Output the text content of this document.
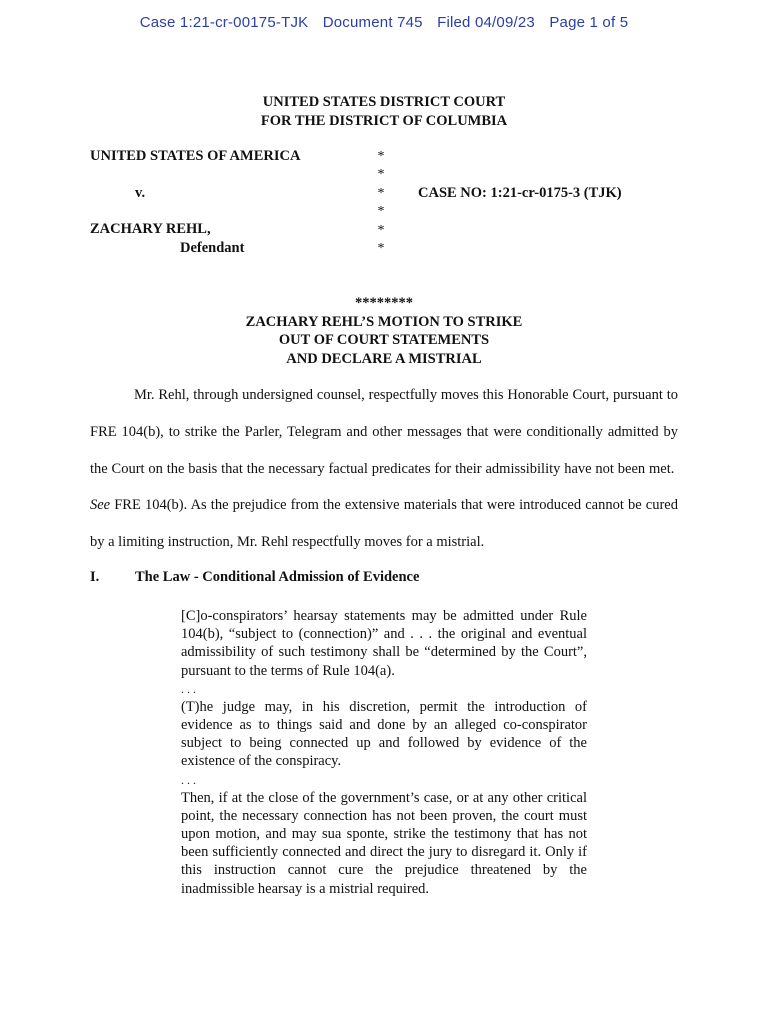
Case 1:21-cr-00175-TJK Document 745 Filed 04/09/23 Page 1 of 5
UNITED STATES DISTRICT COURT
FOR THE DISTRICT OF COLUMBIA
UNITED STATES OF AMERICA
v.
ZACHARY REHL,
Defendant
*
*
*
*
*
*
CASE NO: 1:21-cr-0175-3 (TJK)
********
ZACHARY REHL’S MOTION TO STRIKE
OUT OF COURT STATEMENTS
AND DECLARE A MISTRIAL
Mr. Rehl, through undersigned counsel, respectfully moves this Honorable Court, pursuant to FRE 104(b), to strike the Parler, Telegram and other messages that were conditionally admitted by the Court on the basis that the necessary factual predicates for their admissibility have not been met.  See FRE 104(b). As the prejudice from the extensive materials that were introduced cannot be cured by a limiting instruction, Mr. Rehl respectfully moves for a mistrial.
I. The Law - Conditional Admission of Evidence

[C]o-conspirators’ hearsay statements may be admitted under Rule 104(b), “subject to (connection)” and . . . the original and eventual admissibility of such testimony shall be “determined by the Court”, pursuant to the terms of Rule 104(a).

. . .

(T)he judge may, in his discretion, permit the introduction of evidence as to things said and done by an alleged co-conspirator subject to being connected up and followed by evidence of the existence of the conspiracy.

. . .

Then, if at the close of the government’s case, or at any other critical point, the necessary connection has not been proven, the court must upon motion, and may sua sponte, strike the testimony that has not been sufficiently connected and direct the jury to disregard it. Only if this instruction cannot cure the prejudice threatened by the inadmissible hearsay is a mistrial required.
